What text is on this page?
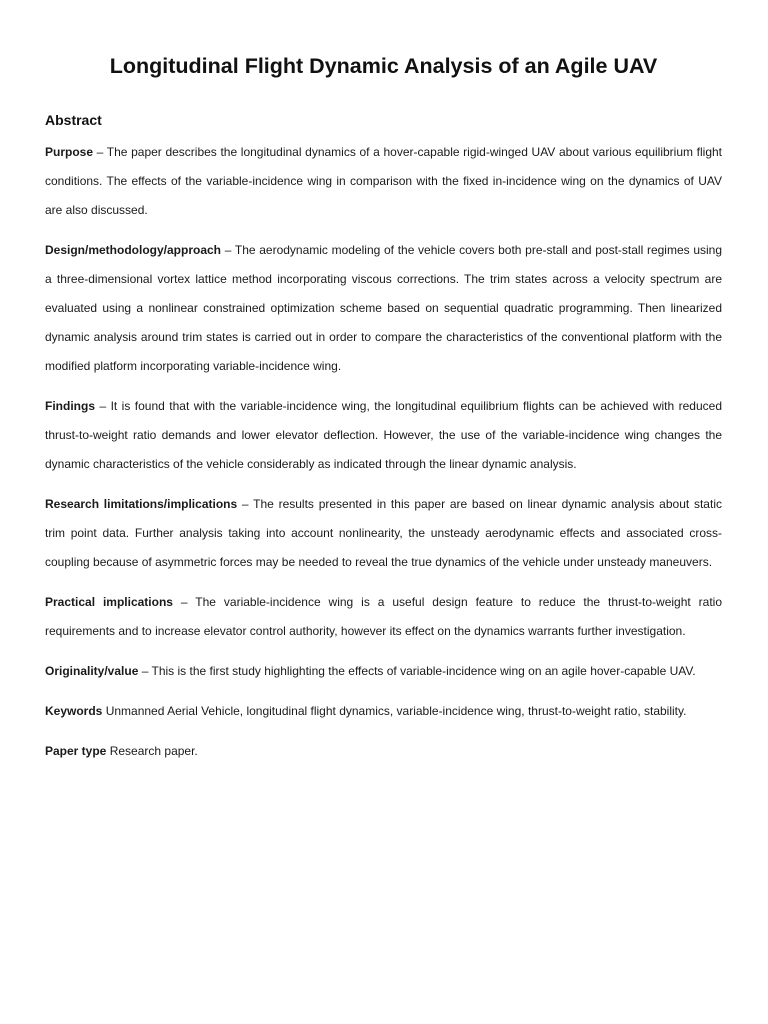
Longitudinal Flight Dynamic Analysis of an Agile UAV
Abstract

Purpose – The paper describes the longitudinal dynamics of a hover-capable rigid-winged UAV about various equilibrium flight conditions. The effects of the variable-incidence wing in comparison with the fixed in-incidence wing on the dynamics of UAV are also discussed.

Design/methodology/approach – The aerodynamic modeling of the vehicle covers both pre-stall and post-stall regimes using a three-dimensional vortex lattice method incorporating viscous corrections. The trim states across a velocity spectrum are evaluated using a nonlinear constrained optimization scheme based on sequential quadratic programming. Then linearized dynamic analysis around trim states is carried out in order to compare the characteristics of the conventional platform with the modified platform incorporating variable-incidence wing.

Findings – It is found that with the variable-incidence wing, the longitudinal equilibrium flights can be achieved with reduced thrust-to-weight ratio demands and lower elevator deflection. However, the use of the variable-incidence wing changes the dynamic characteristics of the vehicle considerably as indicated through the linear dynamic analysis.

Research limitations/implications – The results presented in this paper are based on linear dynamic analysis about static trim point data. Further analysis taking into account nonlinearity, the unsteady aerodynamic effects and associated cross-coupling because of asymmetric forces may be needed to reveal the true dynamics of the vehicle under unsteady maneuvers.

Practical implications – The variable-incidence wing is a useful design feature to reduce the thrust-to-weight ratio requirements and to increase elevator control authority, however its effect on the dynamics warrants further investigation.

Originality/value – This is the first study highlighting the effects of variable-incidence wing on an agile hover-capable UAV.

Keywords Unmanned Aerial Vehicle, longitudinal flight dynamics, variable-incidence wing, thrust-to-weight ratio, stability.

Paper type Research paper.
